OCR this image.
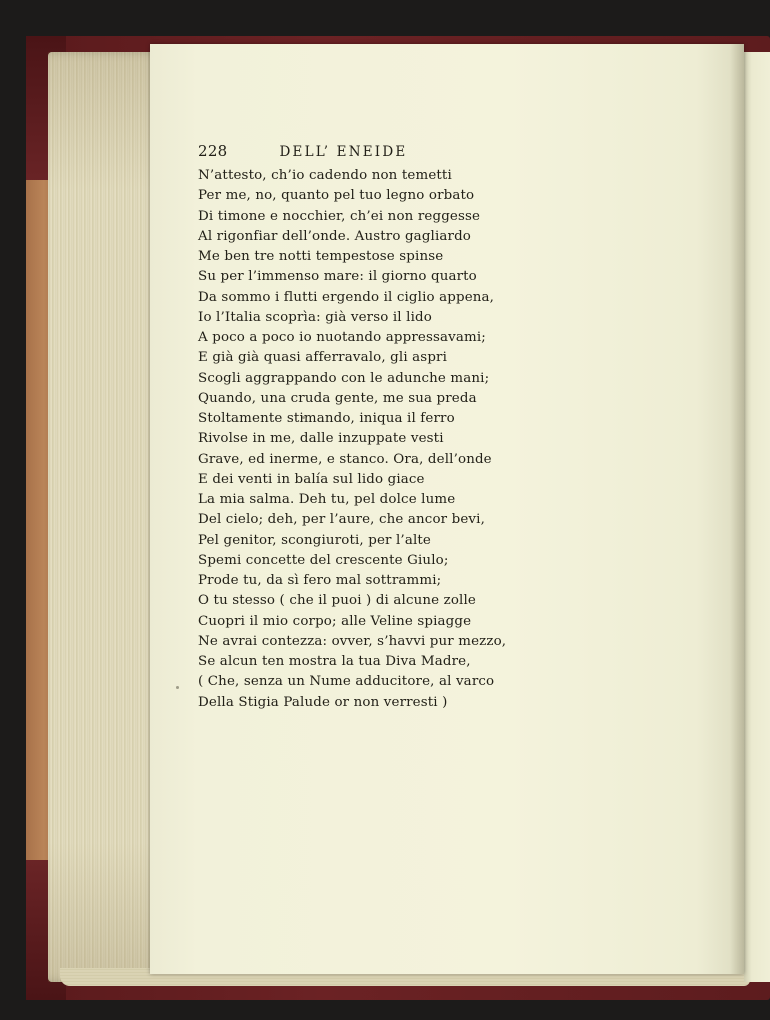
228	DELL’ ENEIDE
N’attesto, ch’io cadendo non temetti
Per me, no, quanto pel tuo legno orbato
Di timone e nocchier, ch’ei non reggesse
Al rigonfiar dell’onde. Austro gagliardo
Me ben tre notti tempestose spinse
Su per l’immenso mare: il giorno quarto
Da sommo i flutti ergendo il ciglio appena,
Io l’Italia scoprìa: già verso il lido
A poco a poco io nuotando appressavami;
E già già quasi afferravalo, gli aspri
Scogli aggrappando con le adunche mani;
Quando, una cruda gente, me sua preda
Stoltamente stimando, iniqua il ferro
Rivolse in me, dalle inzuppate vesti
Grave, ed inerme, e stanco. Ora, dell’onde
E dei venti in balía sul lido giace
La mia salma. Deh tu, pel dolce lume
Del cielo; deh, per l’aure, che ancor bevi,
Pel genitor, scongiuroti, per l’alte
Spemi concette del crescente Giulo;
Prode tu, da sì fero mal sottrammi;
O tu stesso ( che il puoi ) di alcune zolle
Cuopri il mio corpo; alle Veline spiagge
Ne avrai contezza: ovver, s’havvi pur mezzo,
Se alcun ten mostra la tua Diva Madre,
( Che, senza un Nume adducitore, al varco
Della Stigia Palude or non verresti )
